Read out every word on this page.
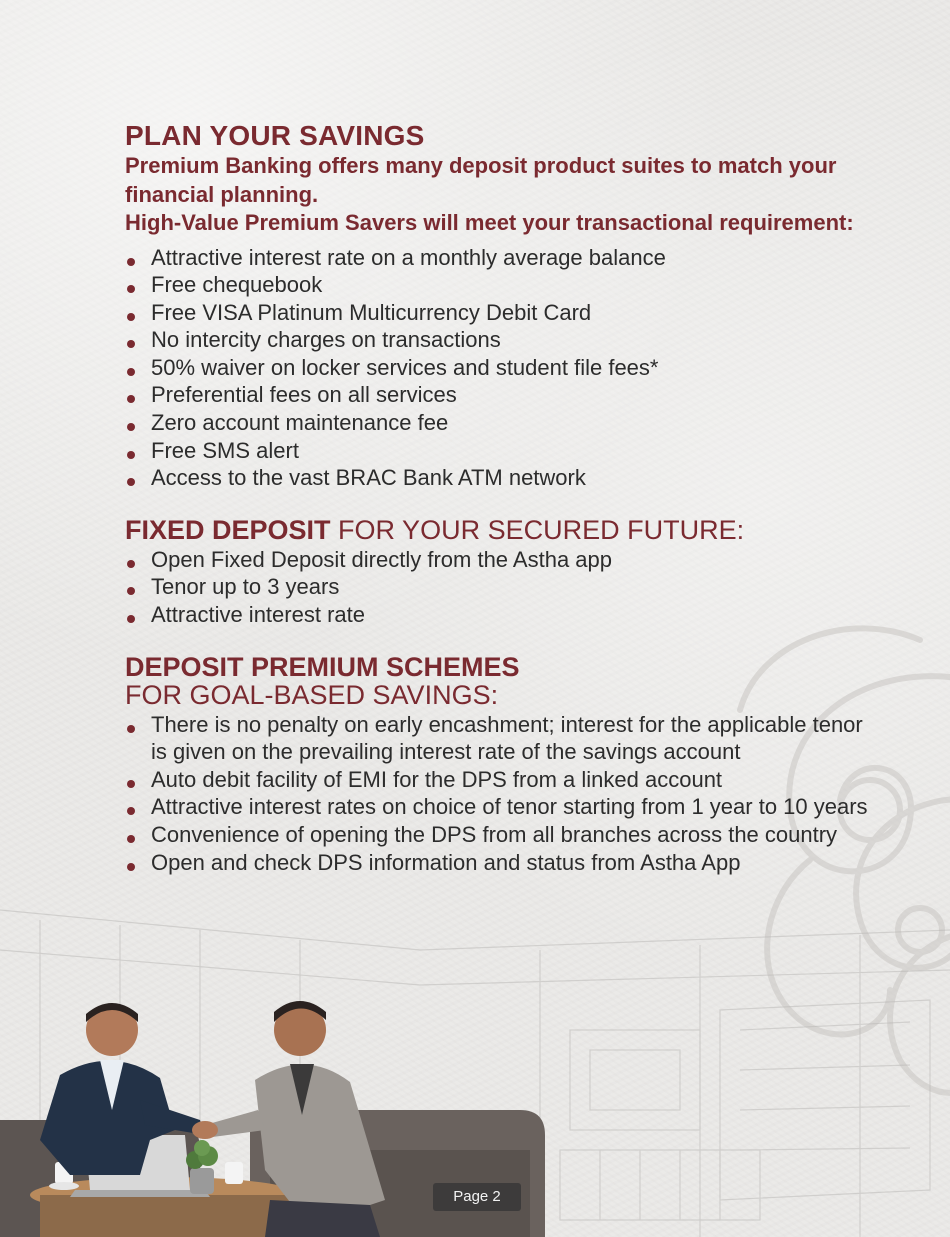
PLAN YOUR SAVINGS

Premium Banking offers many deposit product suites to match your financial planning.

High-Value Premium Savers will meet your transactional requirement:

Attractive interest rate on a monthly average balance
Free chequebook
Free VISA Platinum Multicurrency Debit Card
No intercity charges on transactions
50% waiver on locker services and student file fees*
Preferential fees on all services
Zero account maintenance fee
Free SMS alert
Access to the vast BRAC Bank ATM network
FIXED DEPOSIT FOR YOUR SECURED FUTURE:
Open Fixed Deposit directly from the Astha app
Tenor up to 3 years
Attractive interest rate
DEPOSIT PREMIUM SCHEMES
FOR GOAL-BASED SAVINGS:
There is no penalty on early encashment; interest for the applicable tenor is given on the prevailing interest rate of the savings account
Auto debit facility of EMI for the DPS from a linked account
Attractive interest rates on choice of tenor starting from 1 year to 10 years
Convenience of opening the DPS from all branches across the country
Open and check DPS information and status from Astha App
Page 2
